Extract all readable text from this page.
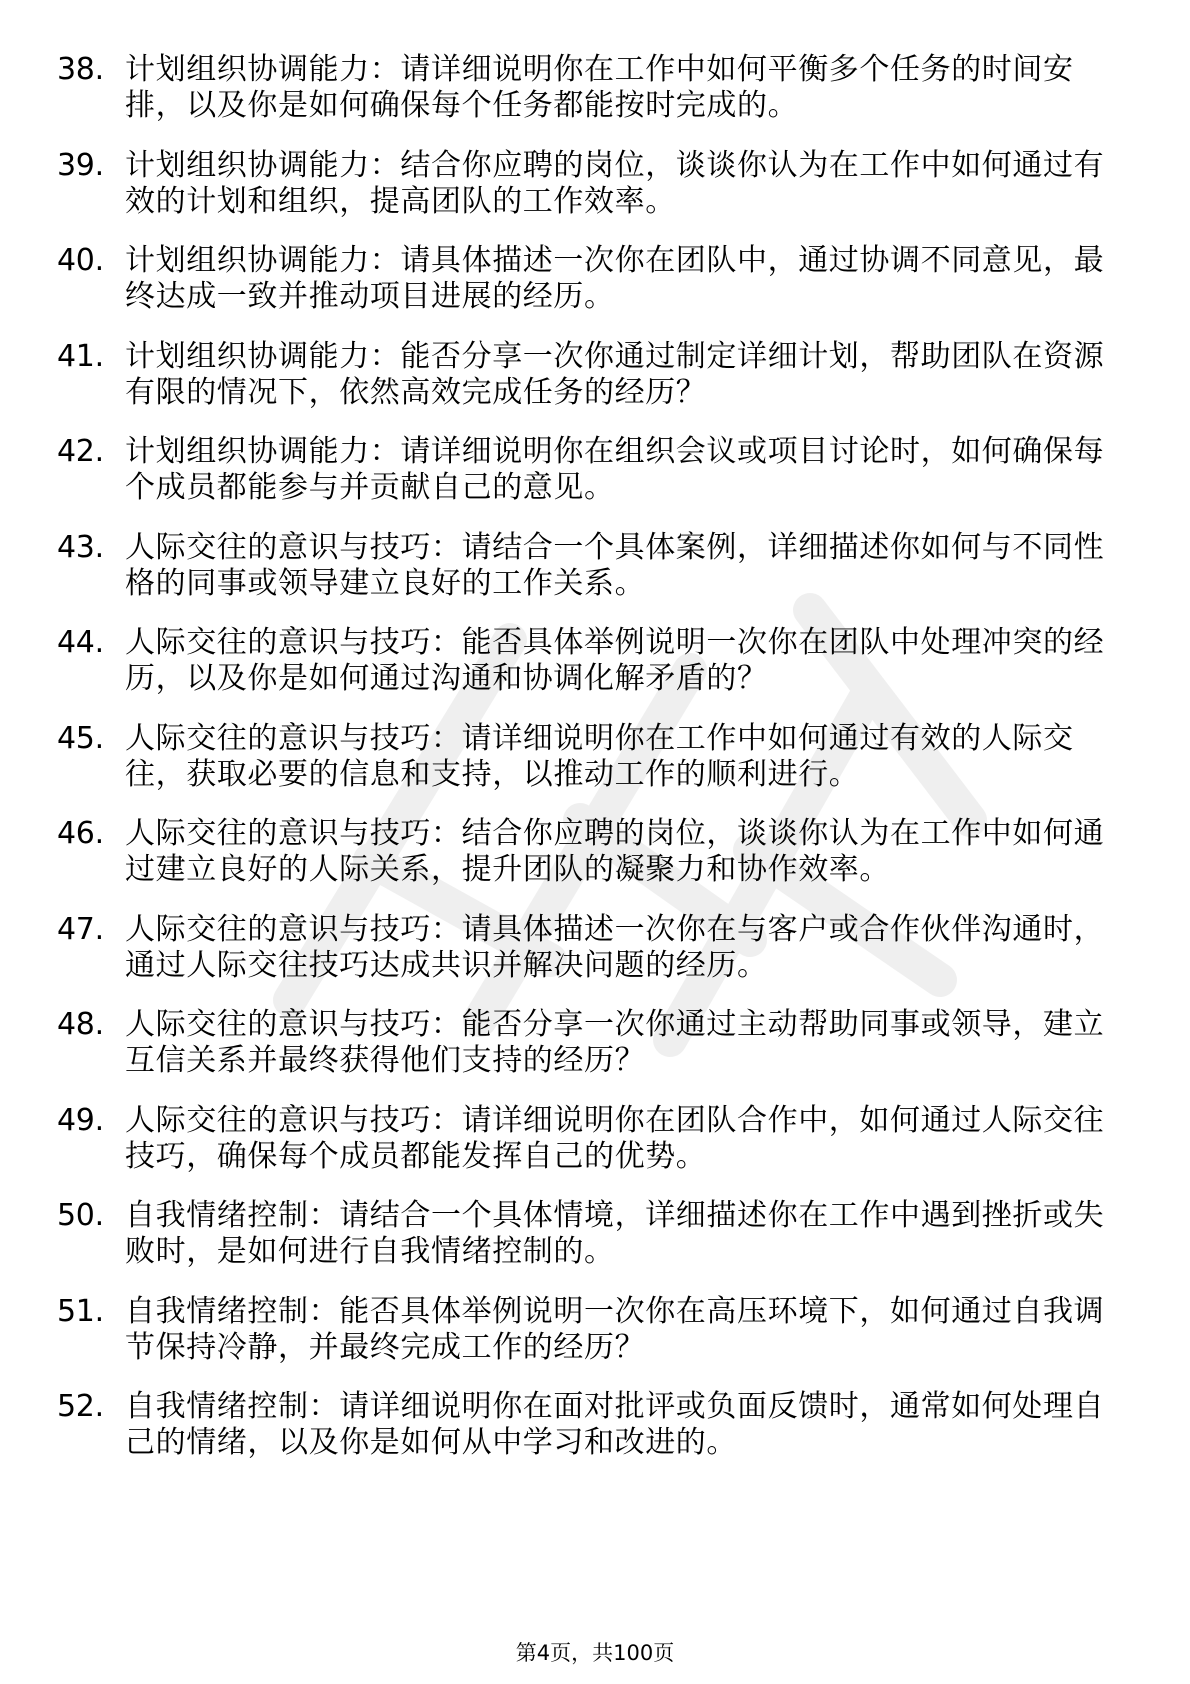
38. 计划组织协调能力：请详细说明你在工作中如何平衡多个任务的时间安排，以及你是如何确保每个任务都能按时完成的。
39. 计划组织协调能力：结合你应聘的岗位，谈谈你认为在工作中如何通过有效的计划和组织，提高团队的工作效率。
40. 计划组织协调能力：请具体描述一次你在团队中，通过协调不同意见，最终达成一致并推动项目进展的经历。
41. 计划组织协调能力：能否分享一次你通过制定详细计划，帮助团队在资源有限的情况下，依然高效完成任务的经历？
42. 计划组织协调能力：请详细说明你在组织会议或项目讨论时，如何确保每个成员都能参与并贡献自己的意见。
43. 人际交往的意识与技巧：请结合一个具体案例，详细描述你如何与不同性格的同事或领导建立良好的工作关系。
44. 人际交往的意识与技巧：能否具体举例说明一次你在团队中处理冲突的经历，以及你是如何通过沟通和协调化解矛盾的？
45. 人际交往的意识与技巧：请详细说明你在工作中如何通过有效的人际交往，获取必要的信息和支持，以推动工作的顺利进行。
46. 人际交往的意识与技巧：结合你应聘的岗位，谈谈你认为在工作中如何通过建立良好的人际关系，提升团队的凝聚力和协作效率。
47. 人际交往的意识与技巧：请具体描述一次你在与客户或合作伙伴沟通时，通过人际交往技巧达成共识并解决问题的经历。
48. 人际交往的意识与技巧：能否分享一次你通过主动帮助同事或领导，建立互信关系并最终获得他们支持的经历？
49. 人际交往的意识与技巧：请详细说明你在团队合作中，如何通过人际交往技巧，确保每个成员都能发挥自己的优势。
50. 自我情绪控制：请结合一个具体情境，详细描述你在工作中遇到挫折或失败时，是如何进行自我情绪控制的。
51. 自我情绪控制：能否具体举例说明一次你在高压环境下，如何通过自我调节保持冷静，并最终完成工作的经历？
52. 自我情绪控制：请详细说明你在面对批评或负面反馈时，通常如何处理自己的情绪，以及你是如何从中学习和改进的。
第4页，共100页
